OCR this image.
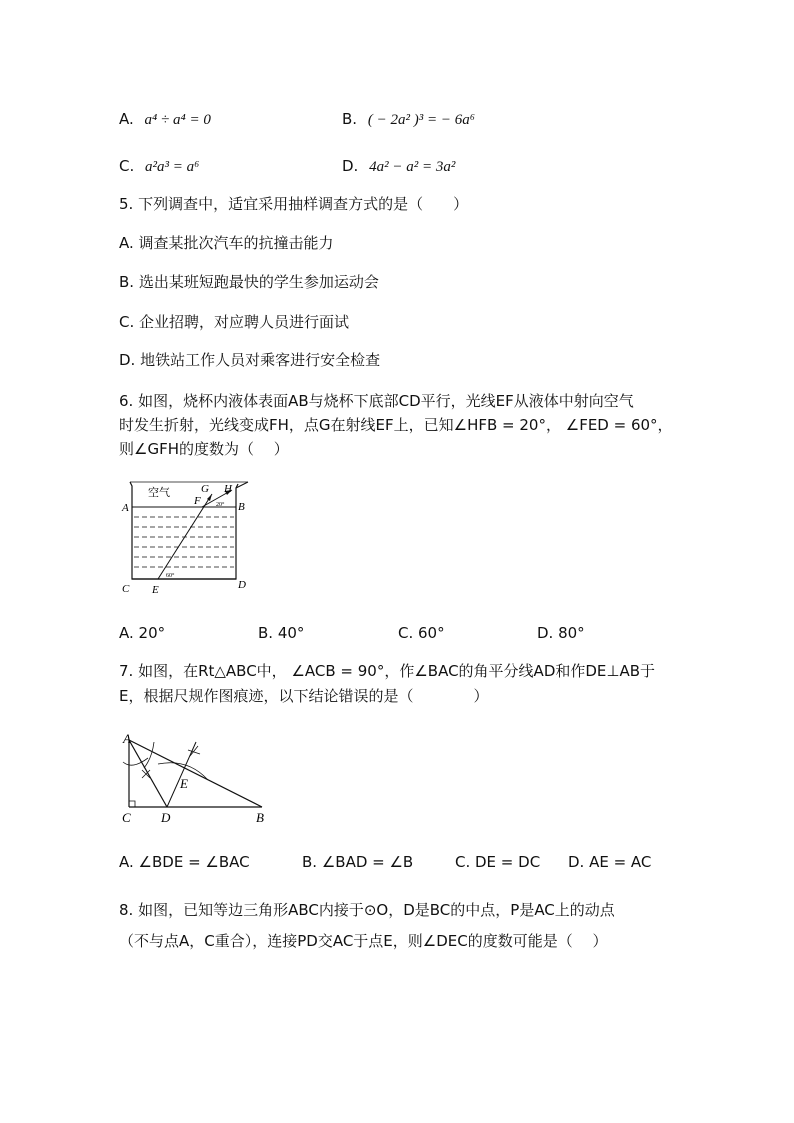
A. a⁴ ÷ a⁴ = 0	B. ( − 2a² )³ = − 6a⁶
C. a²a³ = a⁶	D. 4a² − a² = 3a²
5. 下列调查中，适宜采用抽样调查方式的是（　　）
A. 调查某批次汽车的抗撞击能力
B. 选出某班短跑最快的学生参加运动会
C. 企业招聘，对应聘人员进行面试
D. 地铁站工作人员对乘客进行安全检查
6. 如图，烧杯内液体表面AB与烧杯下底部CD平行，光线EF从液体中射向空气
时发生折射，光线变成FH，点G在射线EF上，已知∠HFB = 20°， ∠FED = 60°，
则∠GFH的度数为（　 ）
空气
A	B
C	D
E
F
G H
20°
60°
A. 20°	B. 40°	C. 60°	D. 80°
7. 如图，在Rt△ABC中， ∠ACB = 90°，作∠BAC的角平分线AD和作DE⊥AB于
E，根据尺规作图痕迹，以下结论错误的是（　　　　）
A
C D
E
B
A. ∠BDE = ∠BAC	B. ∠BAD = ∠B	C. DE = DC D. AE = AC
8. 如图，已知等边三角形ABC内接于⊙O，D是BC的中点，P是AC上的动点
（不与点A，C重合），连接PD交AC于点E，则∠DEC的度数可能是（　 ）
